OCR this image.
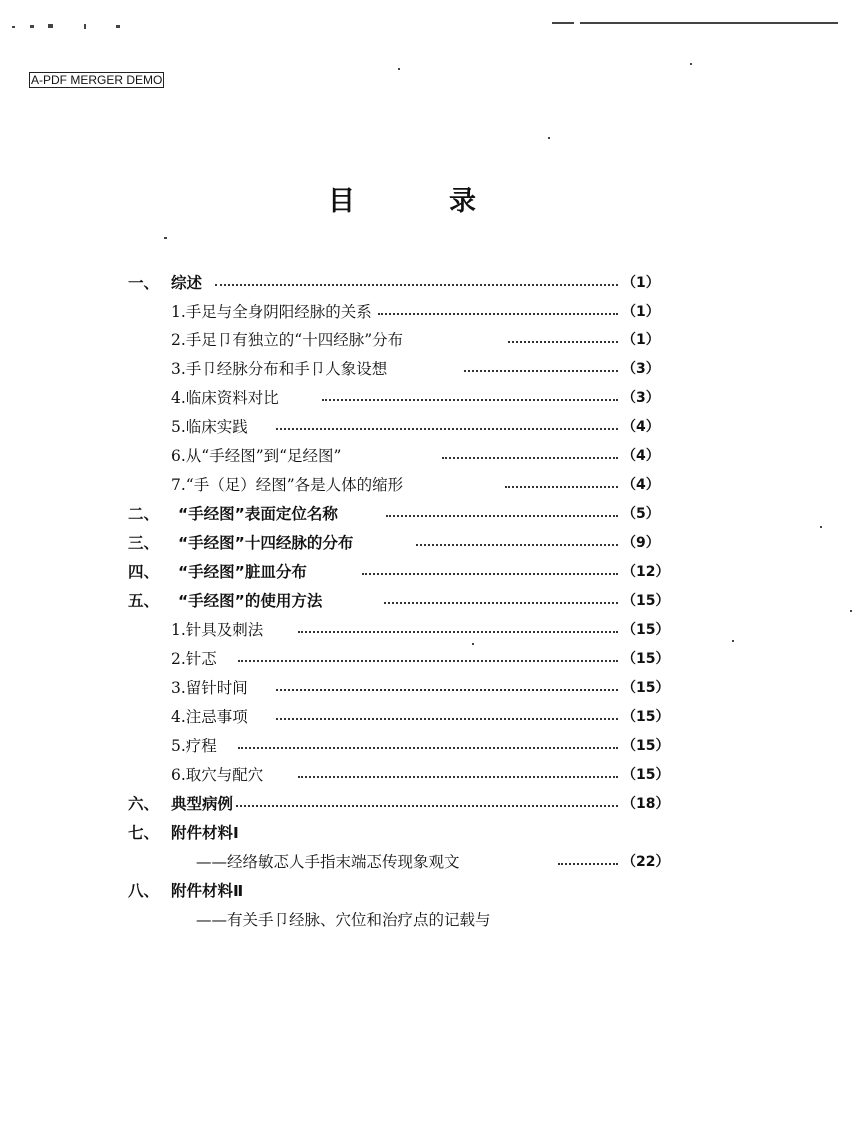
A-PDF MERGER DEMO
目	录
一、 综述	（1）
1.手足与全身阴阳经脉的关系	（1）
2.手足卩有独立的“十四经脉”分布	（1）
3.手卩经脉分布和手卩人象设想	（3）
4.临床资料对比	（3）
5.临床实践	（4）
6.从“手经图”到“足经图”	（4）
7.“手（足）经图”各是人体的缩形	（4）
二、 “手经图”表面定位名称	（5）
三、 “手经图”十四经脉的分布	（9）
四、 “手经图”脏皿分布	（12）
五、 “手经图”的使用方法	（15）
1.针具及刺法	（15）
2.针忑	（15）
3.留针时间	（15）
4.注忌事项	（15）
5.疗程	（15）
6.取穴与配穴	（15）
六、 典型病例	（18）
七、 附件材料Ⅰ
——经络敏忑人手指末端忑传现象观文	（22）
八、 附件材料Ⅱ
——有关手卩经脉、穴位和治疗点的记载与
